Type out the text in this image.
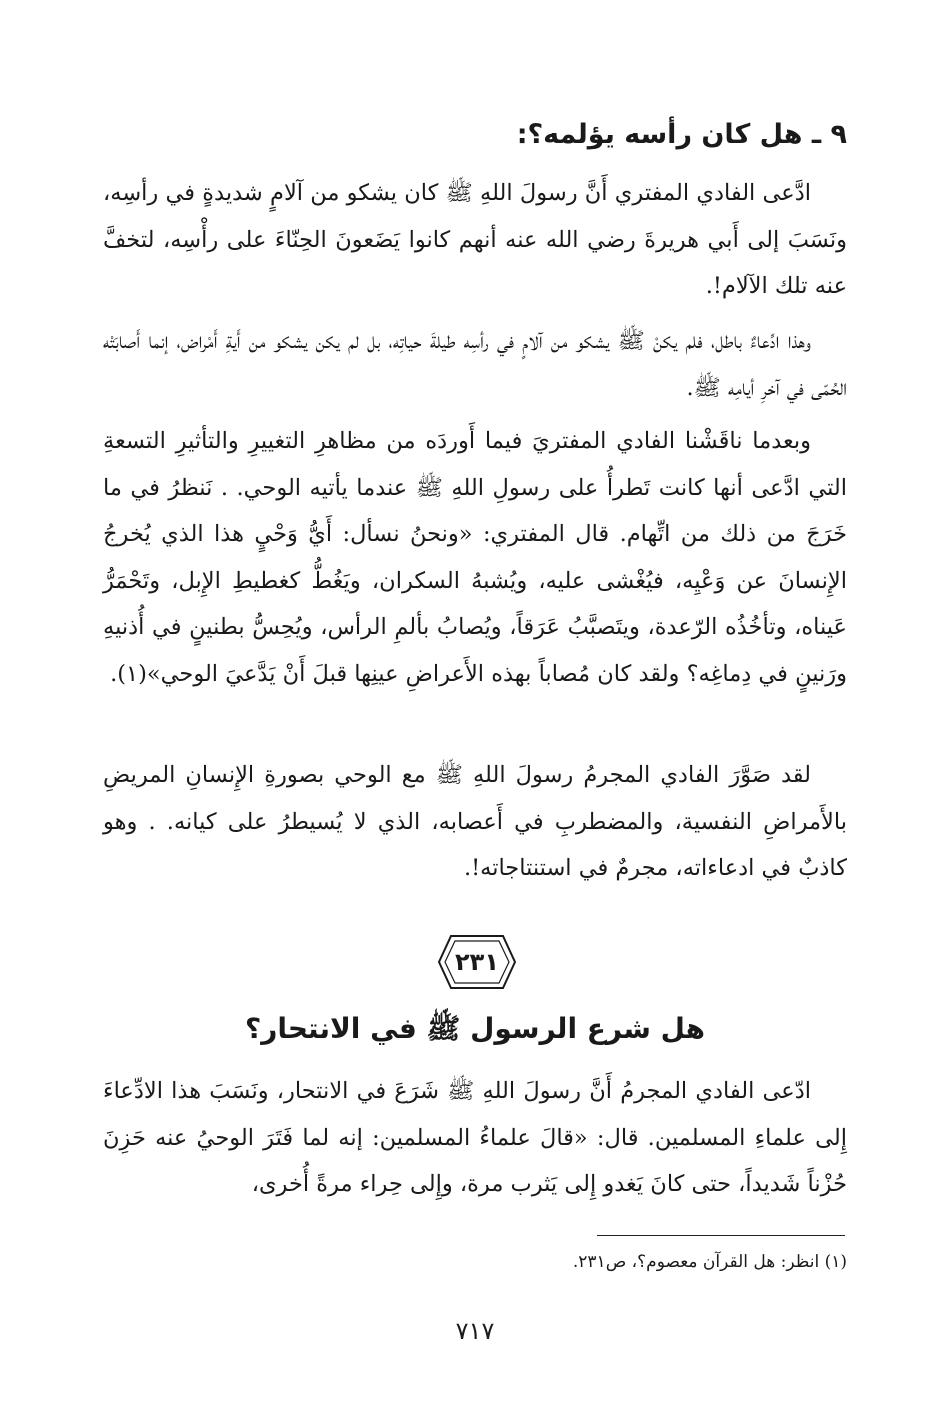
٩ ـ هل كان رأسه يؤلمه؟:

ادَّعى الفادي المفتري أَنَّ رسولَ اللهِ ﷺ كان يشكو من آلامٍ شديدةٍ في رأسِه، ونَسَبَ إلى أَبي هريرةَ رضي الله عنه أنهم كانوا يَضَعونَ الحِنّاءَ على رأْسِه، لتخفَّ عنه تلك الآلام!.

وهذا ادِّعاءٌ باطل، فلم يكنْ ﷺ يشكو من آلامٍ في رأسِه طيلةَ حياتِه، بل لم يكن يشكو من أَيةِ أَمْراض، إنما أَصابَتْه الحُمّى في آخرِ أيامِه ﷺ.

وبعدما ناقَشْنا الفادي المفتريَ فيما أَوردَه من مظاهرِ التغييرِ والتأثيرِ التسعةِ التي ادَّعى أنها كانت تَطرأُ على رسولِ اللهِ ﷺ عندما يأتيه الوحي. . نَنظرُ في ما خَرَجَ من ذلك من اتِّهام. قال المفتري: «ونحنُ نسأل: أَيُّ وَحْيٍ هذا الذي يُخرجُ الإِنسانَ عن وَعْيِه، فيُغْشى عليه، ويُشبهُ السكران، ويَغُطُّ كغطيطِ الإِبل، وتَحْمَرُّ عَيناه، وتأخُذُه الرّعدة، ويتَصبَّبُ عَرَقاً، ويُصابُ بألمِ الرأس، ويُحِسُّ بطنينٍ في أُذنيهِ ورَنينٍ في دِماغِه؟ ولقد كان مُصاباً بهذه الأَعراضِ عينِها قبلَ أَنْ يَدَّعيَ الوحي»(١).

لقد صَوَّرَ الفادي المجرمُ رسولَ اللهِ ﷺ مع الوحي بصورةِ الإِنسانِ المريضِ بالأَمراضِ النفسية، والمضطربِ في أَعصابه، الذي لا يُسيطرُ على كيانه. . وهو كاذبٌ في ادعاءاته، مجرمٌ في استنتاجاته!.

٢٣١
هل شرع الرسول ﷺ في الانتحار؟

ادّعى الفادي المجرمُ أَنَّ رسولَ اللهِ ﷺ شَرَعَ في الانتحار، ونَسَبَ هذا الادِّعاءَ إِلى علماءِ المسلمين. قال: «قالَ علماءُ المسلمين: إنه لما فَتَرَ الوحيُ عنه حَزِنَ حُزْناً شَديداً، حتى كانَ يَغدو إِلى يَثرب مرة، وإِلى حِراء مرةً أُخرى،

(١) انظر: هل القرآن معصوم؟، ص٢٣١.
٧١٧
